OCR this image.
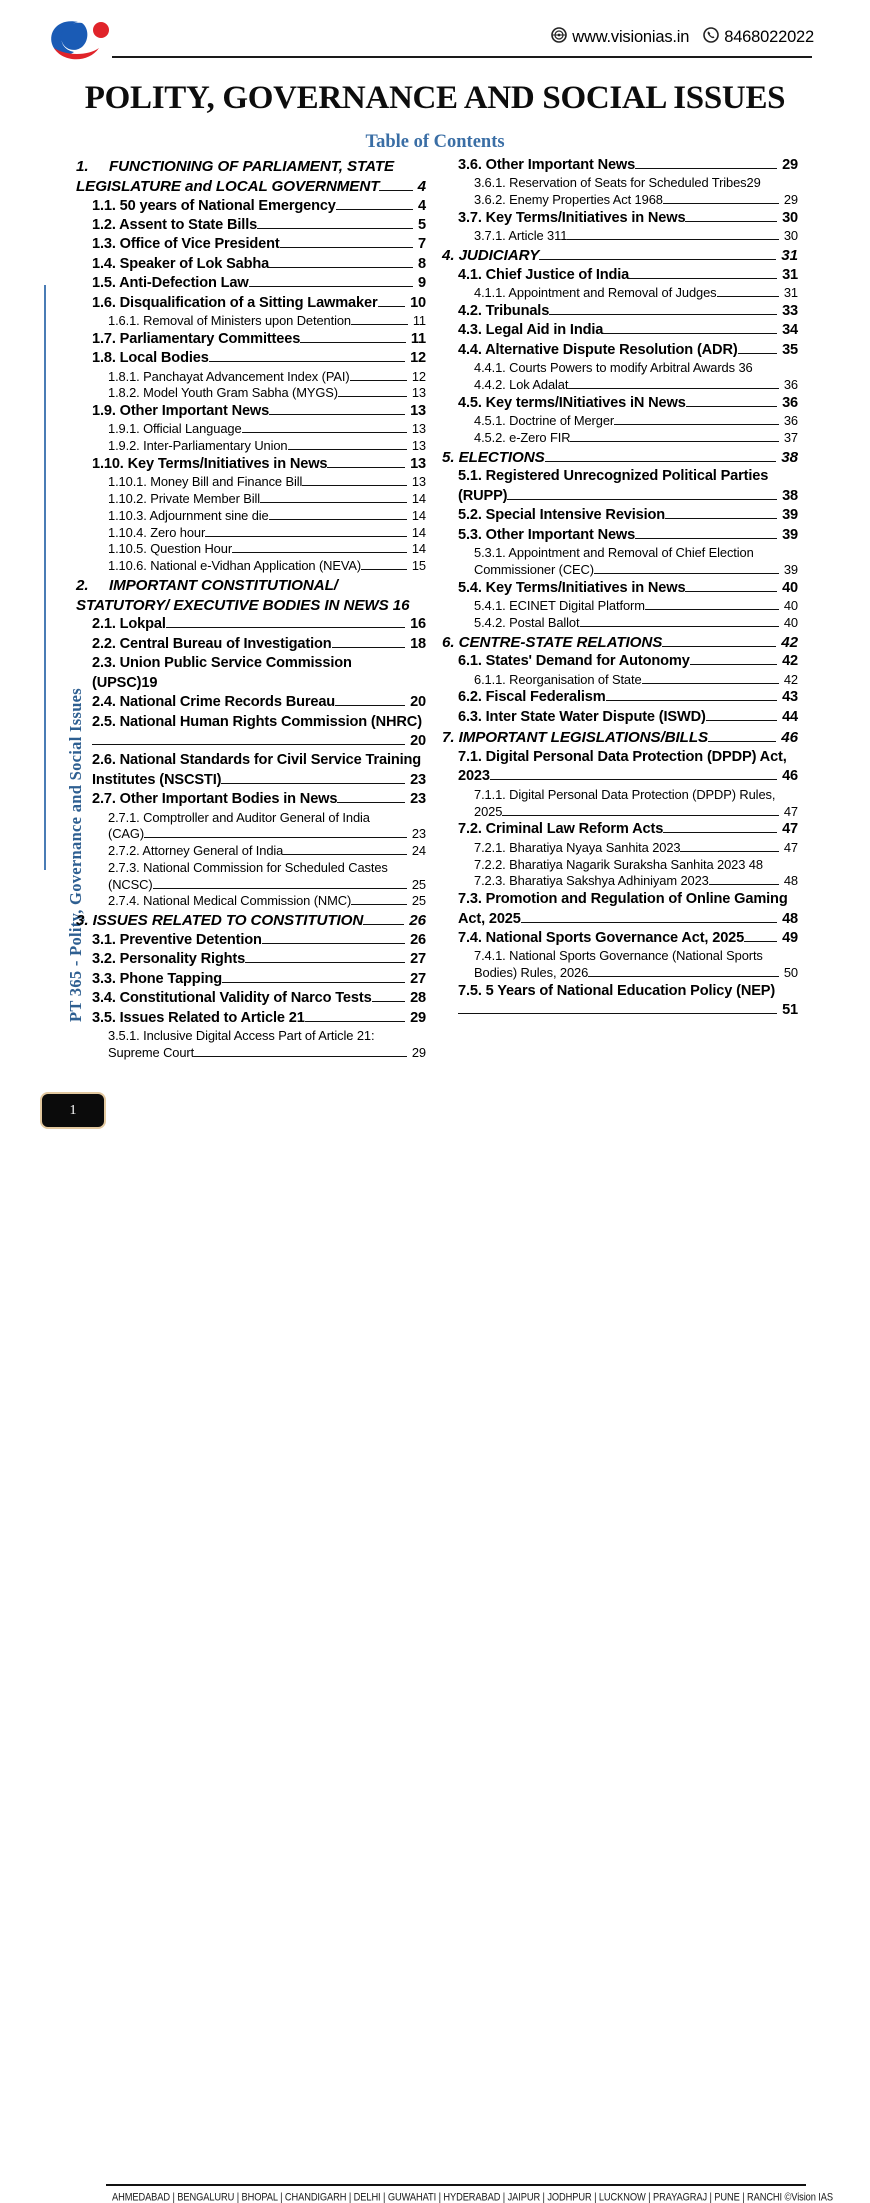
www.visionias.in 8468022022
POLITY, GOVERNANCE AND SOCIAL ISSUES
Table of Contents
PT 365 - Polity, Governance and Social Issues
1.	FUNCTIONING OF PARLIAMENT, STATE
LEGISLATURE and LOCAL GOVERNMENT	4
1.1. 50 years of National Emergency	4
1.2. Assent to State Bills	5
1.3. Office of Vice President	7
1.4. Speaker of Lok Sabha	8
1.5. Anti-Defection Law	9
1.6. Disqualification of a Sitting Lawmaker	10
1.6.1. Removal of Ministers upon Detention	11
1.7. Parliamentary Committees	11
1.8. Local Bodies	12
1.8.1. Panchayat Advancement Index (PAI)	12
1.8.2. Model Youth Gram Sabha (MYGS)	13
1.9. Other Important News	13
1.9.1. Official Language	13
1.9.2. Inter-Parliamentary Union	13
1.10. Key Terms/Initiatives in News	13
1.10.1. Money Bill and Finance Bill	13
1.10.2. Private Member Bill	14
1.10.3. Adjournment sine die	14
1.10.4. Zero hour	14
1.10.5. Question Hour	14
1.10.6. National e-Vidhan Application (NEVA)	15
2.	IMPORTANT CONSTITUTIONAL/
STATUTORY/ EXECUTIVE BODIES IN NEWS 16
2.1. Lokpal	16
2.2. Central Bureau of Investigation	18
2.3. Union Public Service Commission (UPSC)19
2.4. National Crime Records Bureau	20
2.5. National Human Rights Commission (NHRC)
20
2.6. National Standards for Civil Service Training
Institutes (NSCSTI)	23
2.7. Other Important Bodies in News	23
2.7.1. Comptroller and Auditor General of India
(CAG)	23
2.7.2. Attorney General of India	24
2.7.3. National Commission for Scheduled Castes
(NCSC)	25
2.7.4. National Medical Commission (NMC)	25
3. ISSUES RELATED TO CONSTITUTION	26
3.1. Preventive Detention	26
3.2. Personality Rights	27
3.3. Phone Tapping	27
3.4. Constitutional Validity of Narco Tests	28
3.5. Issues Related to Article 21	29
3.5.1. Inclusive Digital Access Part of Article 21:
Supreme Court	29
3.6. Other Important News	29
3.6.1. Reservation of Seats for Scheduled Tribes29
3.6.2. Enemy Properties Act 1968	29
3.7. Key Terms/Initiatives in News	30
3.7.1. Article 311	30
4. JUDICIARY	31
4.1. Chief Justice of India	31
4.1.1. Appointment and Removal of Judges	31
4.2. Tribunals	33
4.3. Legal Aid in India	34
4.4. Alternative Dispute Resolution (ADR)	35
4.4.1. Courts Powers to modify Arbitral Awards 36
4.4.2. Lok Adalat	36
4.5. Key terms/INitiatives iN News	36
4.5.1. Doctrine of Merger	36
4.5.2. e-Zero FIR	37
5. ELECTIONS	38
5.1. Registered Unrecognized Political Parties
(RUPP)	38
5.2. Special Intensive Revision	39
5.3. Other Important News	39
5.3.1. Appointment and Removal of Chief Election
Commissioner (CEC)	39
5.4. Key Terms/Initiatives in News	40
5.4.1. ECINET Digital Platform	40
5.4.2. Postal Ballot	40
6. CENTRE-STATE RELATIONS	42
6.1. States' Demand for Autonomy	42
6.1.1. Reorganisation of State	42
6.2. Fiscal Federalism	43
6.3. Inter State Water Dispute (ISWD)	44
7. IMPORTANT LEGISLATIONS/BILLS	46
7.1. Digital Personal Data Protection (DPDP) Act,
2023	46
7.1.1. Digital Personal Data Protection (DPDP) Rules,
2025	47
7.2. Criminal Law Reform Acts	47
7.2.1. Bharatiya Nyaya Sanhita 2023	47
7.2.2. Bharatiya Nagarik Suraksha Sanhita 2023 48
7.2.3. Bharatiya Sakshya Adhiniyam 2023	48
7.3. Promotion and Regulation of Online Gaming
Act, 2025	48
7.4. National Sports Governance Act, 2025	49
7.4.1. National Sports Governance (National Sports
Bodies) Rules, 2026	50
7.5. 5 Years of National Education Policy (NEP)
51
AHMEDABAD | BENGALURU | BHOPAL | CHANDIGARH | DELHI | GUWAHATI | HYDERABAD | JAIPUR | JODHPUR | LUCKNOW | PRAYAGRAJ | PUNE | RANCHI ©Vision IAS
1
